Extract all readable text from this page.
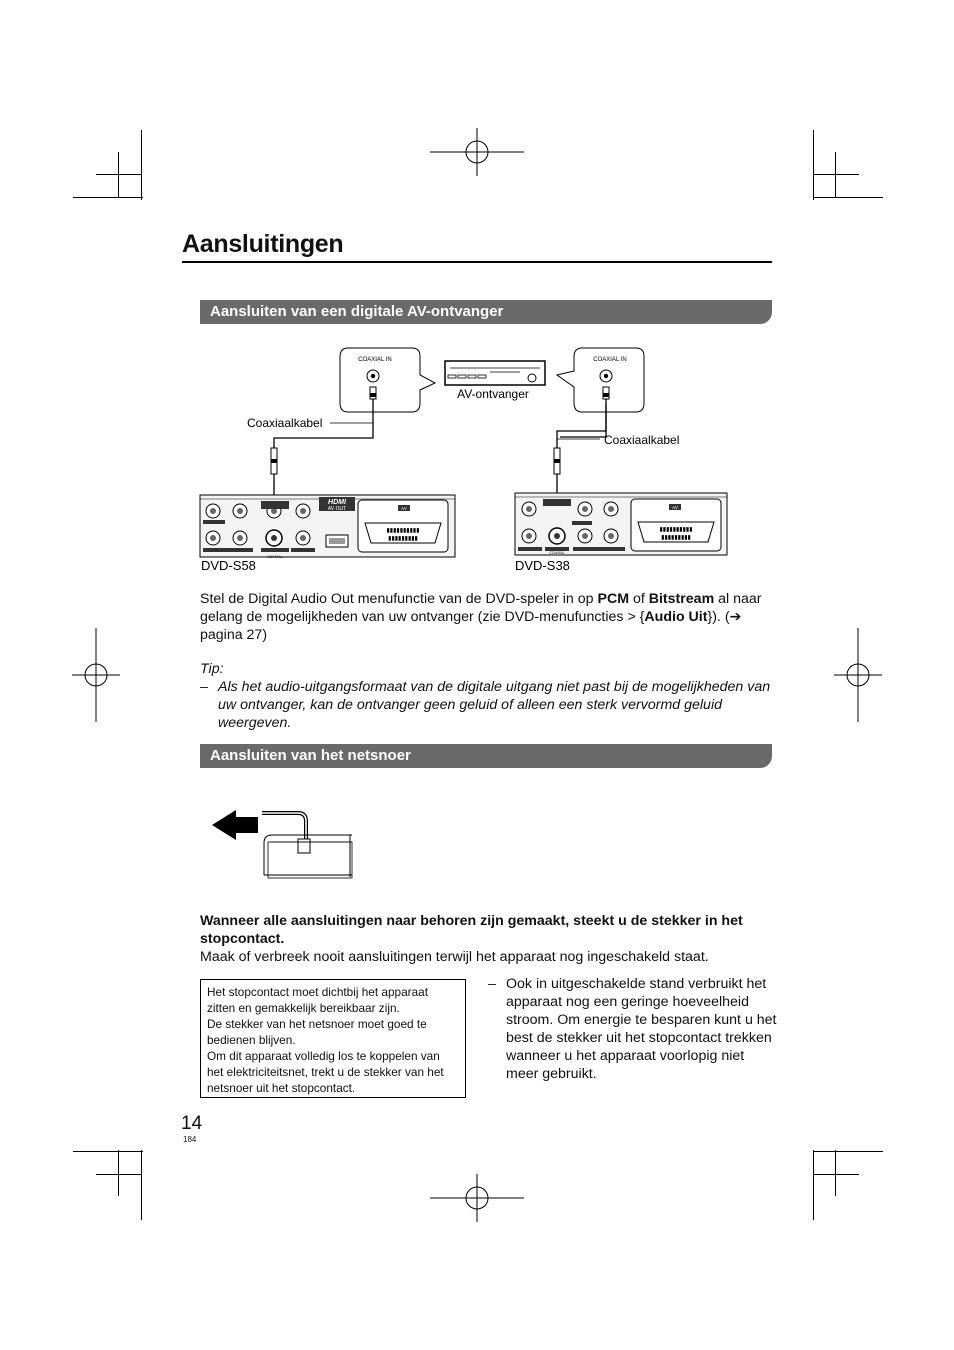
Aansluitingen
Aansluiten van een digitale AV-ontvanger
COAXIAL IN
AV-ontvanger
COAXIAL IN
Coaxiaalkabel
Coaxiaalkabel
COAXIAL
HDMI
AV OUT	AV
▮▮▮▮▮▮▮▮▮▮
▮▮▮▮▮▮▮▮▮
DVD-S58
COAXIAL
AV
▮▮▮▮▮▮▮▮▮▮
▮▮▮▮▮▮▮▮▮
DVD-S38
Stel de Digital Audio Out menufunctie van de DVD-speler in op PCM of Bitstream al naar gelang de mogelijkheden van uw ontvanger (zie DVD-menufuncties > {Audio Uit}). (➔ pagina 27)
Tip:
– Als het audio-uitgangsformaat van de digitale uitgang niet past bij de mogelijkheden van uw ontvanger, kan de ontvanger geen geluid of alleen een sterk vervormd geluid weergeven.
Aansluiten van het netsnoer
Wanneer alle aansluitingen naar behoren zijn gemaakt, steekt u de stekker in het stopcontact.
Maak of verbreek nooit aansluitingen terwijl het apparaat nog ingeschakeld staat.
Het stopcontact moet dichtbij het apparaat zitten en gemakkelijk bereikbaar zijn.
De stekker van het netsnoer moet goed te bedienen blijven.
Om dit apparaat volledig los te koppelen van het elektriciteitsnet, trekt u de stekker van het netsnoer uit het stopcontact.
– Ook in uitgeschakelde stand verbruikt het apparaat nog een geringe hoeveelheid stroom. Om energie te besparen kunt u het best de stekker uit het stopcontact trekken wanneer u het apparaat voorlopig niet meer gebruikt.
14
184
